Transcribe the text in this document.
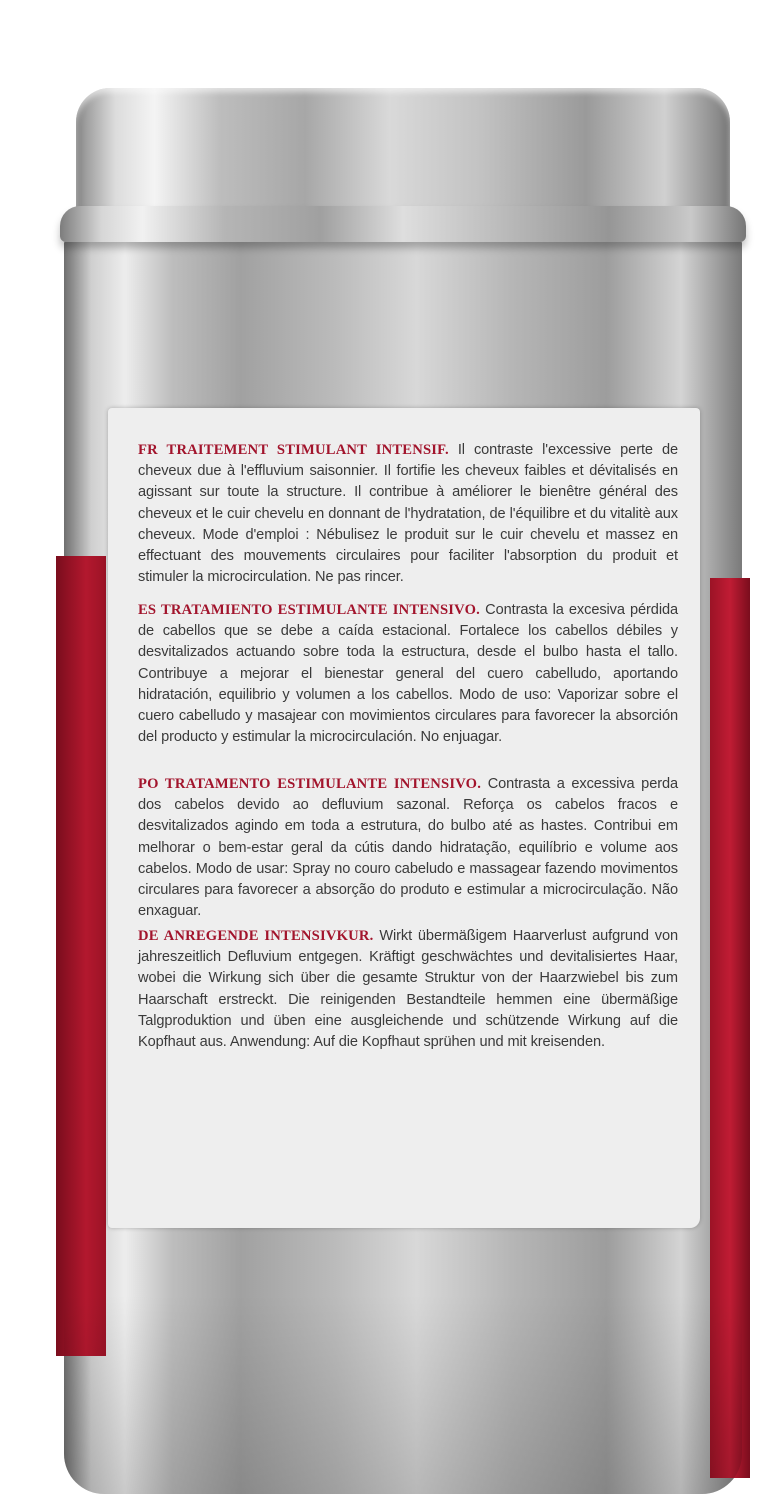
FR TRAITEMENT STIMULANT INTENSIF. Il contraste l'excessive perte de cheveux due à l'effluvium saisonnier. Il fortifie les cheveux faibles et dévitalisés en agissant sur toute la structure. Il contribue à améliorer le bienêtre général des cheveux et le cuir chevelu en donnant de l'hydratation, de l'équilibre et du vitalitè aux cheveux. Mode d'emploi : Nébulisez le produit sur le cuir chevelu et massez en effectuant des mouvements circulaires pour faciliter l'absorption du produit et stimuler la microcirculation. Ne pas rincer.
ES TRATAMIENTO ESTIMULANTE INTENSIVO. Contrasta la excesiva pérdida de cabellos que se debe a caída estacional. Fortalece los cabellos débiles y desvitalizados actuando sobre toda la estructura, desde el bulbo hasta el tallo. Contribuye a mejorar el bienestar general del cuero cabelludo, aportando hidratación, equilibrio y volumen a los cabellos. Modo de uso: Vaporizar sobre el cuero cabelludo y masajear con movimientos circulares para favorecer la absorción del producto y estimular la microcirculación. No enjuagar.
PO TRATAMENTO ESTIMULANTE INTENSIVO. Contrasta a excessiva perda dos cabelos devido ao defluvium sazonal. Reforça os cabelos fracos e desvitalizados agindo em toda a estrutura, do bulbo até as hastes. Contribui em melhorar o bem-estar geral da cútis dando hidratação, equilíbrio e volume aos cabelos. Modo de usar: Spray no couro cabeludo e massagear fazendo movimentos circulares para favorecer a absorção do produto e estimular a microcirculação. Não enxaguar.
DE ANREGENDE INTENSIVKUR. Wirkt übermäßigem Haarverlust aufgrund von jahreszeitlich Defluvium entgegen. Kräftigt geschwächtes und devitalisiertes Haar, wobei die Wirkung sich über die gesamte Struktur von der Haarzwiebel bis zum Haarschaft erstreckt. Die reinigenden Bestandteile hemmen eine übermäßige Talgproduktion und üben eine ausgleichende und schützende Wirkung auf die Kopfhaut aus. Anwendung: Auf die Kopfhaut sprühen und mit kreisenden.
